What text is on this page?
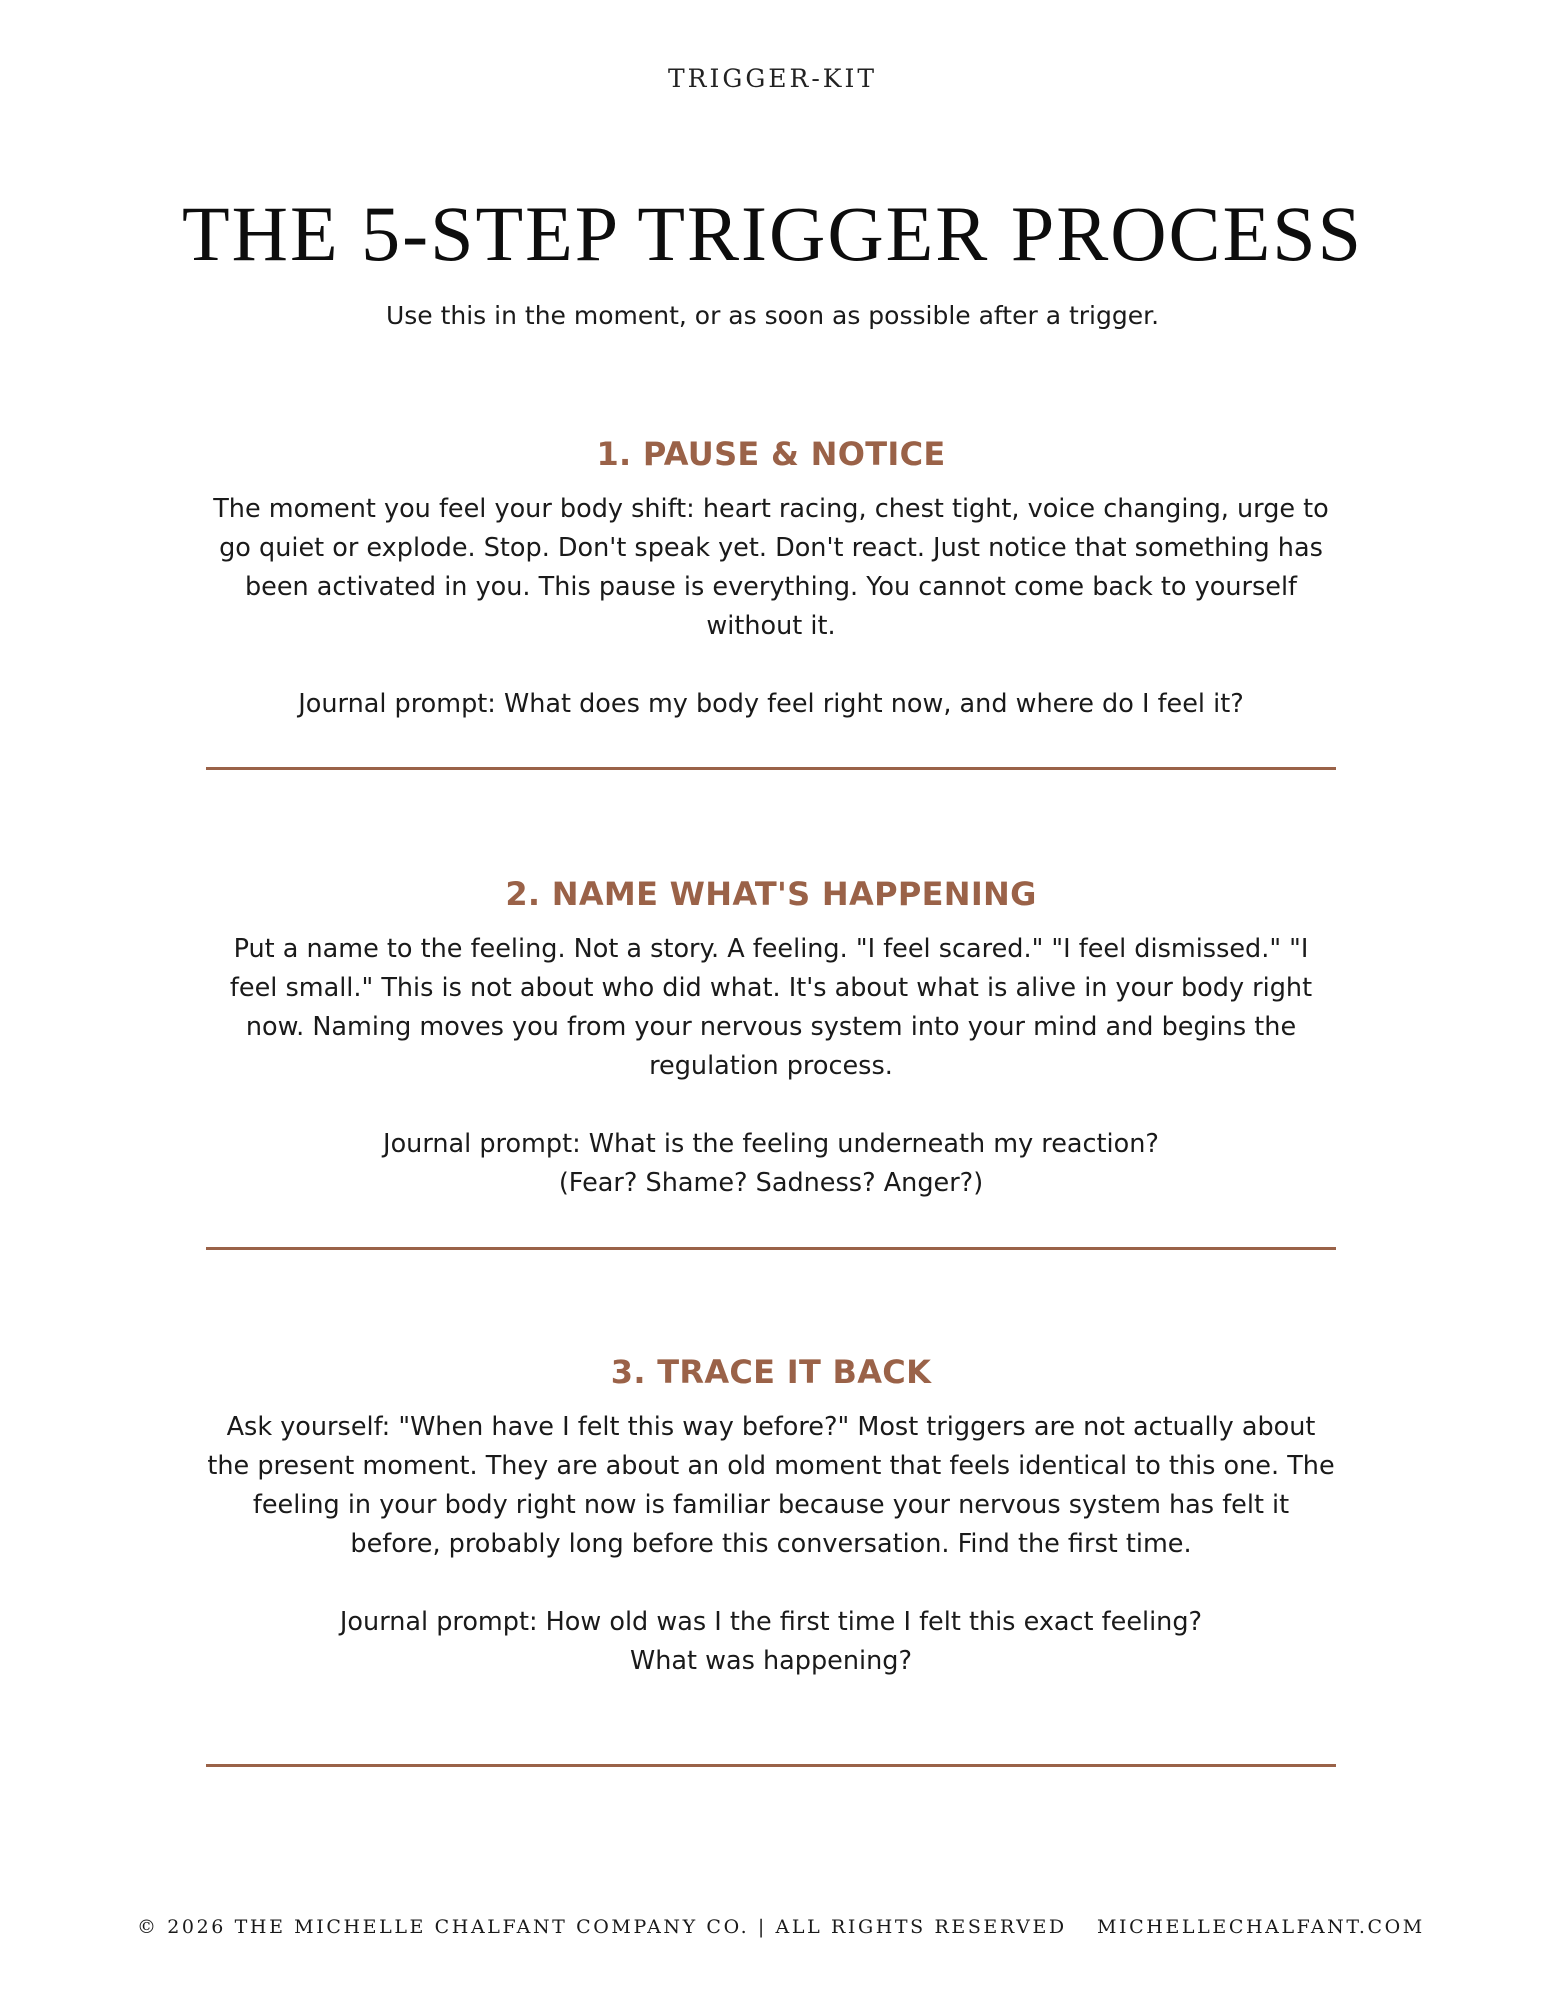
TRIGGER-KIT
THE 5-STEP TRIGGER PROCESS
Use this in the moment, or as soon as possible after a trigger.
1. PAUSE & NOTICE

The moment you feel your body shift: heart racing, chest tight, voice changing, urge to go quiet or explode. Stop. Don't speak yet. Don't react. Just notice that something has been activated in you. This pause is everything. You cannot come back to yourself without it.

Journal prompt: What does my body feel right now, and where do I feel it?

2. NAME WHAT'S HAPPENING

Put a name to the feeling. Not a story. A feeling. "I feel scared." "I feel dismissed." "I feel small." This is not about who did what. It's about what is alive in your body right now. Naming moves you from your nervous system into your mind and begins the regulation process.

Journal prompt: What is the feeling underneath my reaction?
(Fear? Shame? Sadness? Anger?)

3. TRACE IT BACK

Ask yourself: "When have I felt this way before?" Most triggers are not actually about the present moment. They are about an old moment that feels identical to this one. The feeling in your body right now is familiar because your nervous system has felt it before, probably long before this conversation. Find the first time.

Journal prompt: How old was I the first time I felt this exact feeling?
What was happening?

© 2026 THE MICHELLE CHALFANT COMPANY CO. | ALL RIGHTS RESERVED MICHELLECHALFANT.COM
